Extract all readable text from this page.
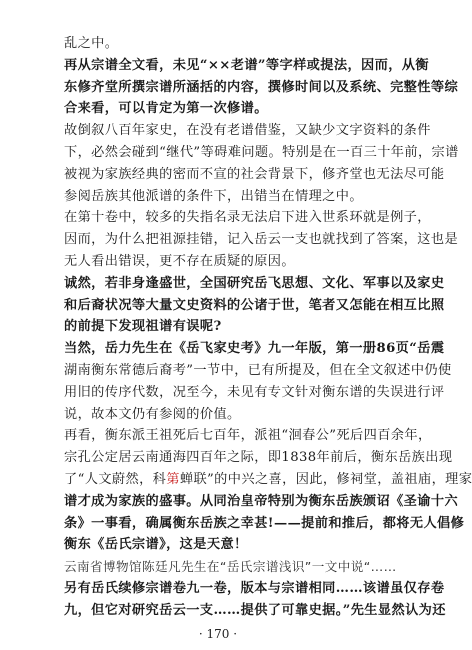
乱之中。
再从宗谱全文看，未见“××老谱”等字样或提法，因而，从衡
东修齐堂所撰宗谱所涵括的内容，撰修时间以及系统、完整性等综
合来看，可以肯定为第一次修谱。
故倒叙八百年家史，在没有老谱借鉴，又缺少文字资料的条件
下，必然会碰到“继代”等碍难问题。特别是在一百三十年前，宗谱
被视为家族经典的密而不宣的社会背景下，修齐堂也无法尽可能
参阅岳族其他派谱的条件下，出错当在情理之中。
在第十卷中，较多的失指名录无法启下进入世系环就是例子，
因而，为什么把祖源挂错，记入岳云一支也就找到了答案，这也是
无人看出错误，更不存在质疑的原因。
诚然，若非身逢盛世，全国研究岳飞思想、文化、军事以及家史
和后裔状况等大量文史资料的公诸于世，笔者又怎能在相互比照
的前提下发现祖谱有误呢?
当然，岳力先生在《岳飞家史考》九一年版，第一册86页“岳震
湖南衡东常德后裔考”一节中，已有所提及，但在全文叙述中仍使
用旧的传序代数，况至今，未见有专文针对衡东谱的失误进行评
说，故本文仍有参阅的价值。
再看，衡东派王祖死后七百年，派祖“洄春公”死后四百余年，
宗孔公定居云南通海四百年之际，即1838年前后，衡东岳族出现
了“人文蔚然，科第蝉联”的中兴之喜，因此，修祠堂，盖祖庙，理家
谱才成为家族的盛事。从同治皇帝特别为衡东岳族颁诏《圣谕十六
条》一事看，确属衡东岳族之幸甚!——提前和推后，都将无人倡修
衡东《岳氏宗谱》，这是天意！
云南省博物馆陈廷凡先生在“岳氏宗谱浅识”一文中说“……
另有岳氏续修宗谱卷九一卷，版本与宗谱相同……该谱虽仅存卷
九，但它对研究岳云一支……提供了可靠史据。”先生显然认为还
· 170 ·
